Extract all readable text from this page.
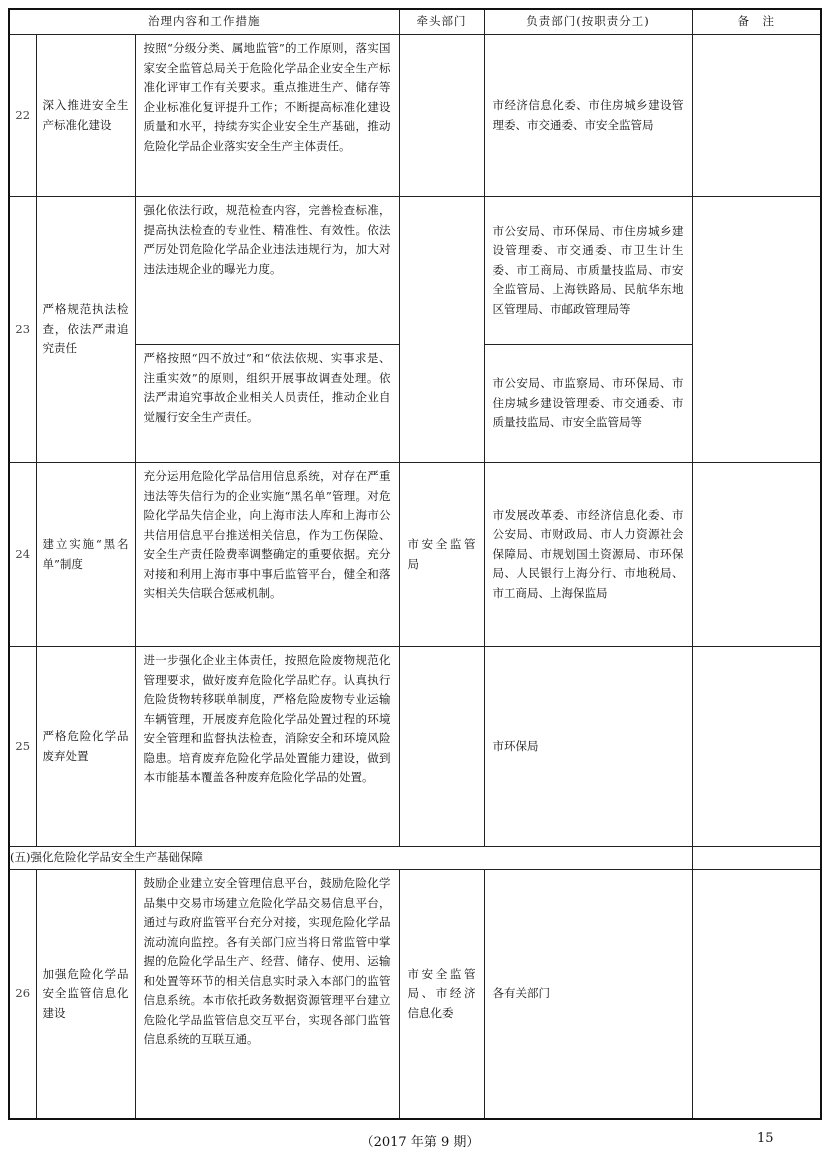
治理内容和工作措施			牵头部门	负责部门(按职责分工)	备　注
22	深入推进安全生产标准化建设	按照“分级分类、属地监管”的工作原则，落实国家安全监管总局关于危险化学品企业安全生产标准化评审工作有关要求。重点推进生产、储存等企业标准化复评提升工作；不断提高标准化建设质量和水平，持续夯实企业安全生产基础，推动危险化学品企业落实安全生产主体责任。		市经济信息化委、市住房城乡建设管理委、市交通委、市安全监管局	
23	严格规范执法检查，依法严肃追究责任	强化依法行政，规范检查内容，完善检查标准，提高执法检查的专业性、精准性、有效性。依法严厉处罚危险化学品企业违法违规行为，加大对违法违规企业的曝光力度。		市公安局、市环保局、市住房城乡建设管理委、市交通委、市卫生计生委、市工商局、市质量技监局、市安全监管局、上海铁路局、民航华东地区管理局、市邮政管理局等	
		严格按照“四不放过”和“依法依规、实事求是、注重实效”的原则，组织开展事故调查处理。依法严肃追究事故企业相关人员责任，推动企业自觉履行安全生产责任。		市公安局、市监察局、市环保局、市住房城乡建设管理委、市交通委、市质量技监局、市安全监管局等	
24	建立实施“黑名单”制度	充分运用危险化学品信用信息系统，对存在严重违法等失信行为的企业实施“黑名单”管理。对危险化学品失信企业，向上海市法人库和上海市公共信用信息平台推送相关信息，作为工伤保险、安全生产责任险费率调整确定的重要依据。充分对接和利用上海市事中事后监管平台，健全和落实相关失信联合惩戒机制。	市安全监管局	市发展改革委、市经济信息化委、市公安局、市财政局、市人力资源社会保障局、市规划国土资源局、市环保局、人民银行上海分行、市地税局、市工商局、上海保监局	
25	严格危险化学品废弃处置	进一步强化企业主体责任，按照危险废物规范化管理要求，做好废弃危险化学品贮存。认真执行危险货物转移联单制度，严格危险废物专业运输车辆管理，开展废弃危险化学品处置过程的环境安全管理和监督执法检查，消除安全和环境风险隐患。培育废弃危险化学品处置能力建设，做到本市能基本覆盖各种废弃危险化学品的处置。		市环保局	
(五)强化危险化学品安全生产基础保障					
26	加强危险化学品安全监管信息化建设	鼓励企业建立安全管理信息平台，鼓励危险化学品集中交易市场建立危险化学品交易信息平台，通过与政府监管平台充分对接，实现危险化学品流动流向监控。各有关部门应当将日常监管中掌握的危险化学品生产、经营、储存、使用、运输和处置等环节的相关信息实时录入本部门的监管信息系统。本市依托政务数据资源管理平台建立危险化学品监管信息交互平台，实现各部门监管信息系统的互联互通。	市安全监管局、市经济信息化委	各有关部门	
（2017 年第 9 期）	15
